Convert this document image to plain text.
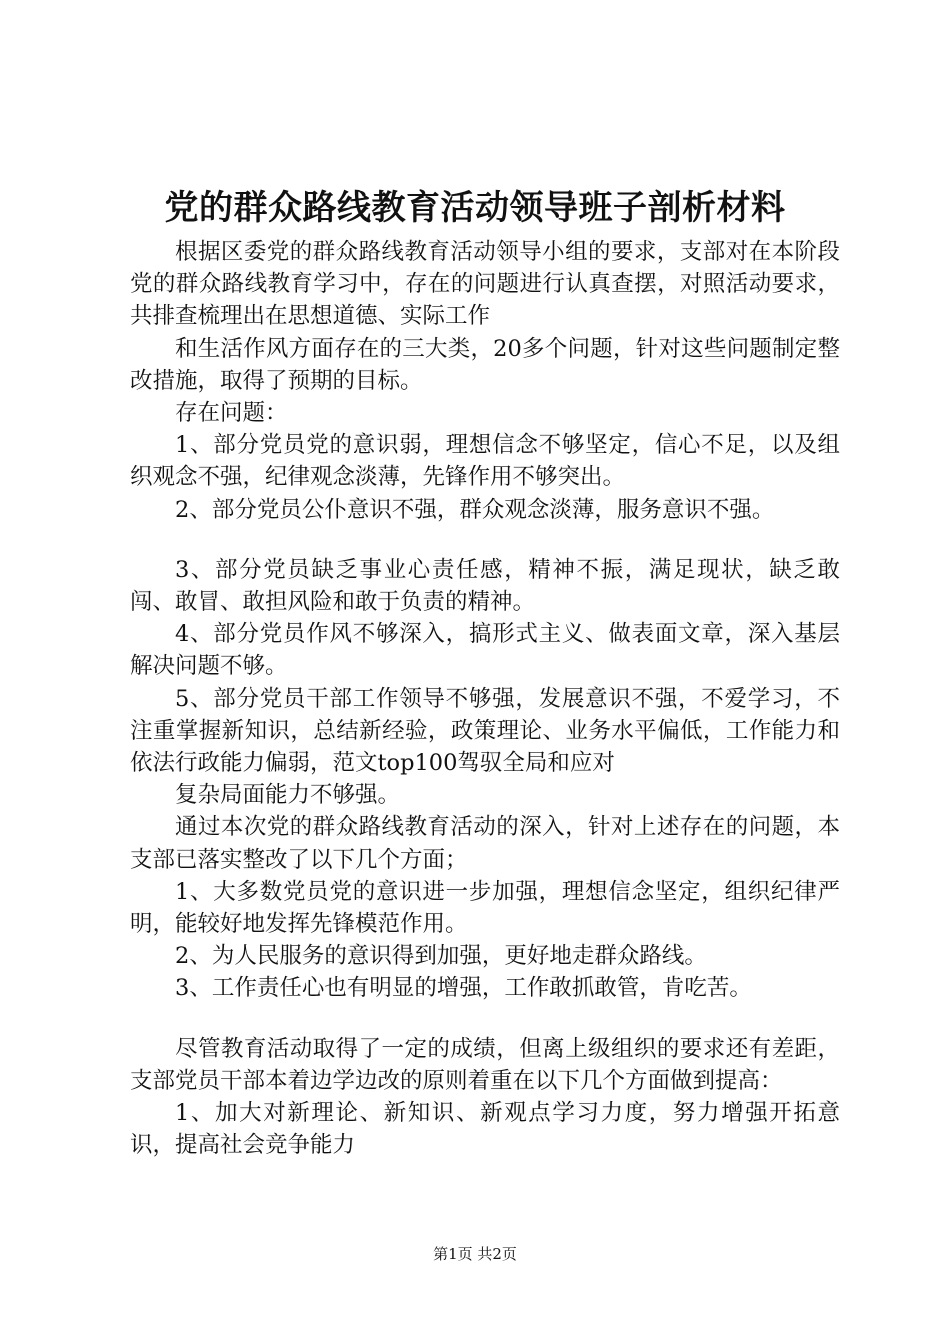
党的群众路线教育活动领导班子剖析材料

根据区委党的群众路线教育活动领导小组的要求，支部对在本阶段党的群众路线教育学习中，存在的问题进行认真查摆，对照活动要求，共排查梳理出在思想道德、实际工作

和生活作风方面存在的三大类，20多个问题，针对这些问题制定整改措施，取得了预期的目标。

存在问题：

1、部分党员党的意识弱，理想信念不够坚定，信心不足，以及组织观念不强，纪律观念淡薄，先锋作用不够突出。

2、部分党员公仆意识不强，群众观念淡薄，服务意识不强。

3、部分党员缺乏事业心责任感，精神不振，满足现状，缺乏敢闯、敢冒、敢担风险和敢于负责的精神。

4、部分党员作风不够深入，搞形式主义、做表面文章，深入基层解决问题不够。

5、部分党员干部工作领导不够强，发展意识不强，不爱学习，不注重掌握新知识，总结新经验，政策理论、业务水平偏低，工作能力和依法行政能力偏弱，范文top100驾驭全局和应对

复杂局面能力不够强。

通过本次党的群众路线教育活动的深入，针对上述存在的问题，本支部已落实整改了以下几个方面；

1、大多数党员党的意识进一步加强，理想信念坚定，组织纪律严明，能较好地发挥先锋模范作用。

2、为人民服务的意识得到加强，更好地走群众路线。

3、工作责任心也有明显的增强，工作敢抓敢管，肯吃苦。

尽管教育活动取得了一定的成绩，但离上级组织的要求还有差距，支部党员干部本着边学边改的原则着重在以下几个方面做到提高：

1、加大对新理论、新知识、新观点学习力度，努力增强开拓意识，提高社会竞争能力

第1页 共2页
